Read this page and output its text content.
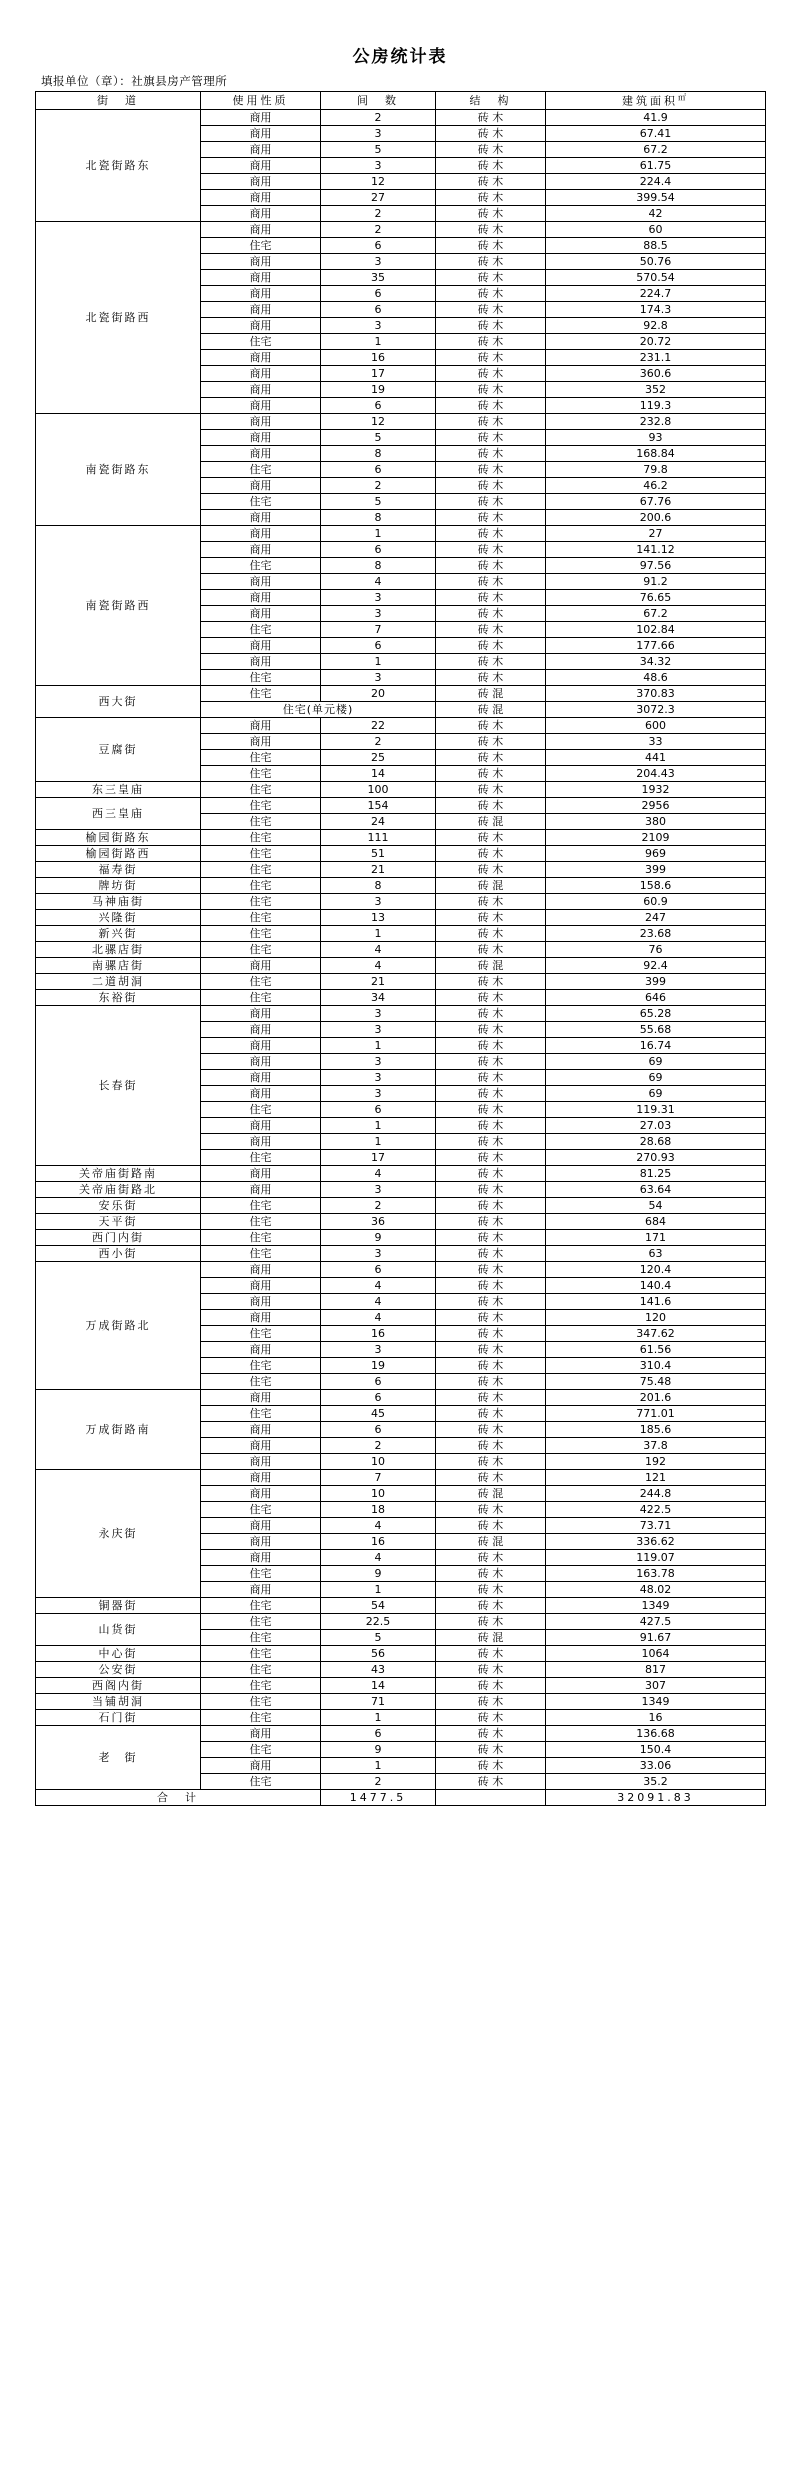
公房统计表
填报单位（章）：社旗县房产管理所
街　道	使用性质	间　数	结　构	建筑面积㎡
北瓷街路东	商用	2	砖 木	41.9
	商用	3	砖 木	67.41
	商用	5	砖 木	67.2
	商用	3	砖 木	61.75
	商用	12	砖 木	224.4
	商用	27	砖 木	399.54
	商用	2	砖 木	42
北瓷街路西	商用	2	砖 木	60
	住宅	6	砖 木	88.5
	商用	3	砖 木	50.76
	商用	35	砖 木	570.54
	商用	6	砖 木	224.7
	商用	6	砖 木	174.3
	商用	3	砖 木	92.8
	住宅	1	砖 木	20.72
	商用	16	砖 木	231.1
	商用	17	砖 木	360.6
	商用	19	砖 木	352
	商用	6	砖 木	119.3
南瓷街路东	商用	12	砖 木	232.8
	商用	5	砖 木	93
	商用	8	砖 木	168.84
	住宅	6	砖 木	79.8
	商用	2	砖 木	46.2
	住宅	5	砖 木	67.76
	商用	8	砖 木	200.6
南瓷街路西	商用	1	砖 木	27
	商用	6	砖 木	141.12
	住宅	8	砖 木	97.56
	商用	4	砖 木	91.2
	商用	3	砖 木	76.65
	商用	3	砖 木	67.2
	住宅	7	砖 木	102.84
	商用	6	砖 木	177.66
	商用	1	砖 木	34.32
	住宅	3	砖 木	48.6
西大街	住宅	20	砖 混	370.83
	住宅(单元楼)		砖 混	3072.3
豆腐街	商用	22	砖 木	600
	商用	2	砖 木	33
	住宅	25	砖 木	441
	住宅	14	砖 木	204.43
东三皇庙	住宅	100	砖 木	1932
西三皇庙	住宅	154	砖 木	2956
	住宅	24	砖 混	380
榆园街路东	住宅	111	砖 木	2109
榆园街路西	住宅	51	砖 木	969
福寿街	住宅	21	砖 木	399
牌坊街	住宅	8	砖 混	158.6
马神庙街	住宅	3	砖 木	60.9
兴隆街	住宅	13	砖 木	247
新兴街	住宅	1	砖 木	23.68
北骡店街	住宅	4	砖 木	76
南骡店街	商用	4	砖 混	92.4
二道胡洞	住宅	21	砖 木	399
东裕街	住宅	34	砖 木	646
长春街	商用	3	砖 木	65.28
	商用	3	砖 木	55.68
	商用	1	砖 木	16.74
	商用	3	砖 木	69
	商用	3	砖 木	69
	商用	3	砖 木	69
	住宅	6	砖 木	119.31
	商用	1	砖 木	27.03
	商用	1	砖 木	28.68
	住宅	17	砖 木	270.93
关帝庙街路南	商用	4	砖 木	81.25
关帝庙街路北	商用	3	砖 木	63.64
安乐街	住宅	2	砖 木	54
天平街	住宅	36	砖 木	684
西门内街	住宅	9	砖 木	171
西小街	住宅	3	砖 木	63
万成街路北	商用	6	砖 木	120.4
	商用	4	砖 木	140.4
	商用	4	砖 木	141.6
	商用	4	砖 木	120
	住宅	16	砖 木	347.62
	商用	3	砖 木	61.56
	住宅	19	砖 木	310.4
	住宅	6	砖 木	75.48
万成街路南	商用	6	砖 木	201.6
	住宅	45	砖 木	771.01
	商用	6	砖 木	185.6
	商用	2	砖 木	37.8
	商用	10	砖 木	192
永庆街	商用	7	砖 木	121
	商用	10	砖 混	244.8
	住宅	18	砖 木	422.5
	商用	4	砖 木	73.71
	商用	16	砖 混	336.62
	商用	4	砖 木	119.07
	住宅	9	砖 木	163.78
	商用	1	砖 木	48.02
铜器街	住宅	54	砖 木	1349
山货街	住宅	22.5	砖 木	427.5
	住宅	5	砖 混	91.67
中心街	住宅	56	砖 木	1064
公安街	住宅	43	砖 木	817
西阁内街	住宅	14	砖 木	307
当铺胡洞	住宅	71	砖 木	1349
石门街	住宅	1	砖 木	16
老　街	商用	6	砖 木	136.68
	住宅	9	砖 木	150.4
	商用	1	砖 木	33.06
	住宅	2	砖 木	35.2
合　计		1477.5		32091.83
